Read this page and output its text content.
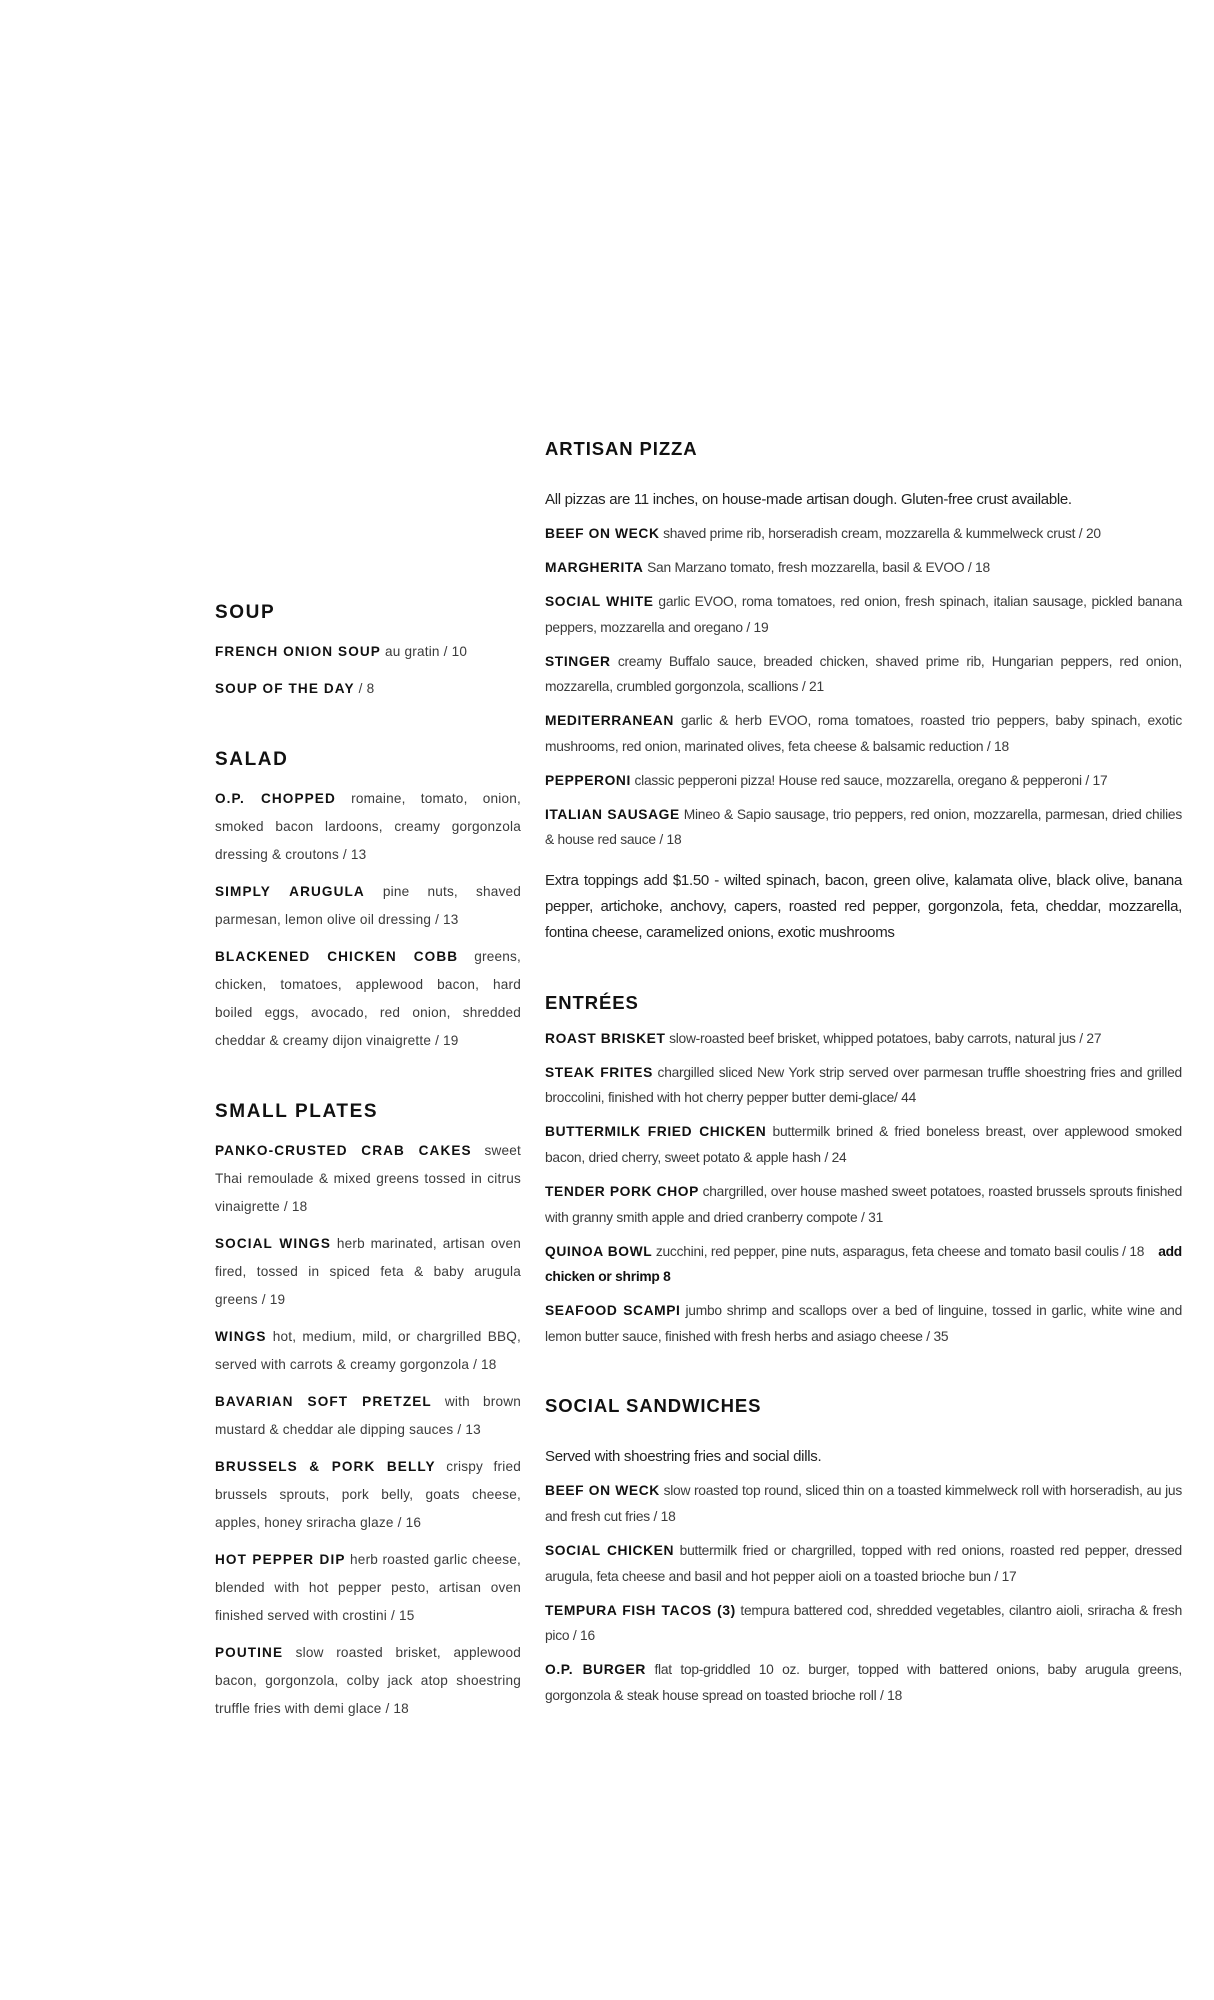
SOUP

FRENCH ONION SOUP au gratin / 10

SOUP OF THE DAY / 8

SALAD

O.P. CHOPPED romaine, tomato, onion, smoked bacon lardoons, creamy gorgonzola dressing & croutons / 13

SIMPLY ARUGULA pine nuts, shaved parmesan, lemon olive oil dressing / 13

BLACKENED CHICKEN COBB greens, chicken, tomatoes, applewood bacon, hard boiled eggs, avocado, red onion, shredded cheddar & creamy dijon vinaigrette / 19

SMALL PLATES

PANKO-CRUSTED CRAB CAKES sweet Thai remoulade & mixed greens tossed in citrus vinaigrette / 18

SOCIAL WINGS herb marinated, artisan oven fired, tossed in spiced feta & baby arugula greens / 19

WINGS hot, medium, mild, or chargrilled BBQ, served with carrots & creamy gorgonzola / 18

BAVARIAN SOFT PRETZEL with brown mustard & cheddar ale dipping sauces / 13

BRUSSELS & PORK BELLY crispy fried brussels sprouts, pork belly, goats cheese, apples, honey sriracha glaze / 16

HOT PEPPER DIP herb roasted garlic cheese, blended with hot pepper pesto, artisan oven finished served with crostini / 15

POUTINE slow roasted brisket, applewood bacon, gorgonzola, colby jack atop shoestring truffle fries with demi glace / 18

ARTISAN PIZZA

All pizzas are 11 inches, on house-made artisan dough. Gluten-free crust available.

BEEF ON WECK shaved prime rib, horseradish cream, mozzarella & kummelweck crust / 20

MARGHERITA San Marzano tomato, fresh mozzarella, basil & EVOO / 18

SOCIAL WHITE garlic EVOO, roma tomatoes, red onion, fresh spinach, italian sausage, pickled banana peppers, mozzarella and oregano / 19

STINGER creamy Buffalo sauce, breaded chicken, shaved prime rib, Hungarian peppers, red onion, mozzarella, crumbled gorgonzola, scallions / 21

MEDITERRANEAN garlic & herb EVOO, roma tomatoes, roasted trio peppers, baby spinach, exotic mushrooms, red onion, marinated olives, feta cheese & balsamic reduction / 18

PEPPERONI classic pepperoni pizza! House red sauce, mozzarella, oregano & pepperoni / 17

ITALIAN SAUSAGE Mineo & Sapio sausage, trio peppers, red onion, mozzarella, parmesan, dried chilies & house red sauce / 18

Extra toppings add $1.50 - wilted spinach, bacon, green olive, kalamata olive, black olive, banana pepper, artichoke, anchovy, capers, roasted red pepper, gorgonzola, feta, cheddar, mozzarella, fontina cheese, caramelized onions, exotic mushrooms

ENTRÉES

ROAST BRISKET slow-roasted beef brisket, whipped potatoes, baby carrots, natural jus / 27

STEAK FRITES chargilled sliced New York strip served over parmesan truffle shoestring fries and grilled broccolini, finished with hot cherry pepper butter demi-glace/ 44

BUTTERMILK FRIED CHICKEN buttermilk brined & fried boneless breast, over applewood smoked bacon, dried cherry, sweet potato & apple hash / 24

TENDER PORK CHOP chargrilled, over house mashed sweet potatoes, roasted brussels sprouts finished with granny smith apple and dried cranberry compote / 31

QUINOA BOWL zucchini, red pepper, pine nuts, asparagus, feta cheese and tomato basil coulis / 18 add chicken or shrimp 8

SEAFOOD SCAMPI jumbo shrimp and scallops over a bed of linguine, tossed in garlic, white wine and lemon butter sauce, finished with fresh herbs and asiago cheese / 35

SOCIAL SANDWICHES

Served with shoestring fries and social dills.

BEEF ON WECK slow roasted top round, sliced thin on a toasted kimmelweck roll with horseradish, au jus and fresh cut fries / 18

SOCIAL CHICKEN buttermilk fried or chargrilled, topped with red onions, roasted red pepper, dressed arugula, feta cheese and basil and hot pepper aioli on a toasted brioche bun / 17

TEMPURA FISH TACOS (3) tempura battered cod, shredded vegetables, cilantro aioli, sriracha & fresh pico / 16

O.P. BURGER flat top-griddled 10 oz. burger, topped with battered onions, baby arugula greens, gorgonzola & steak house spread on toasted brioche roll / 18
